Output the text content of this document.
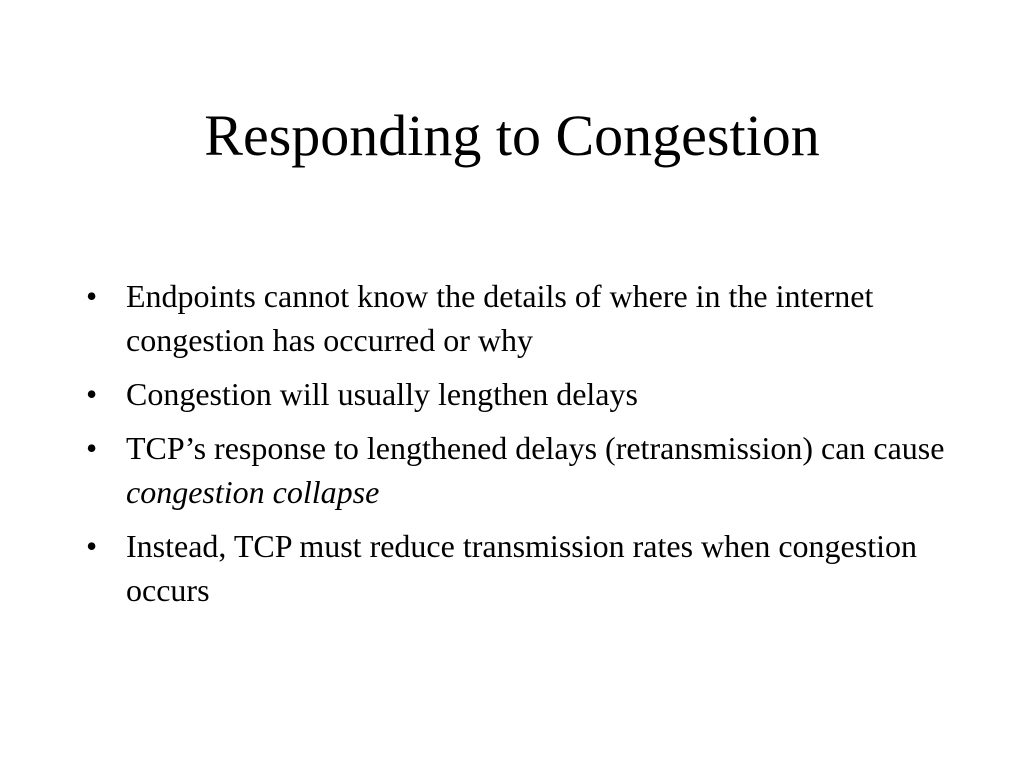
Responding to Congestion
• Endpoints cannot know the details of where in the internet congestion has occurred or why
• Congestion will usually lengthen delays
• TCP’s response to lengthened delays (retransmission) can cause congestion collapse
• Instead, TCP must reduce transmission rates when congestion occurs
